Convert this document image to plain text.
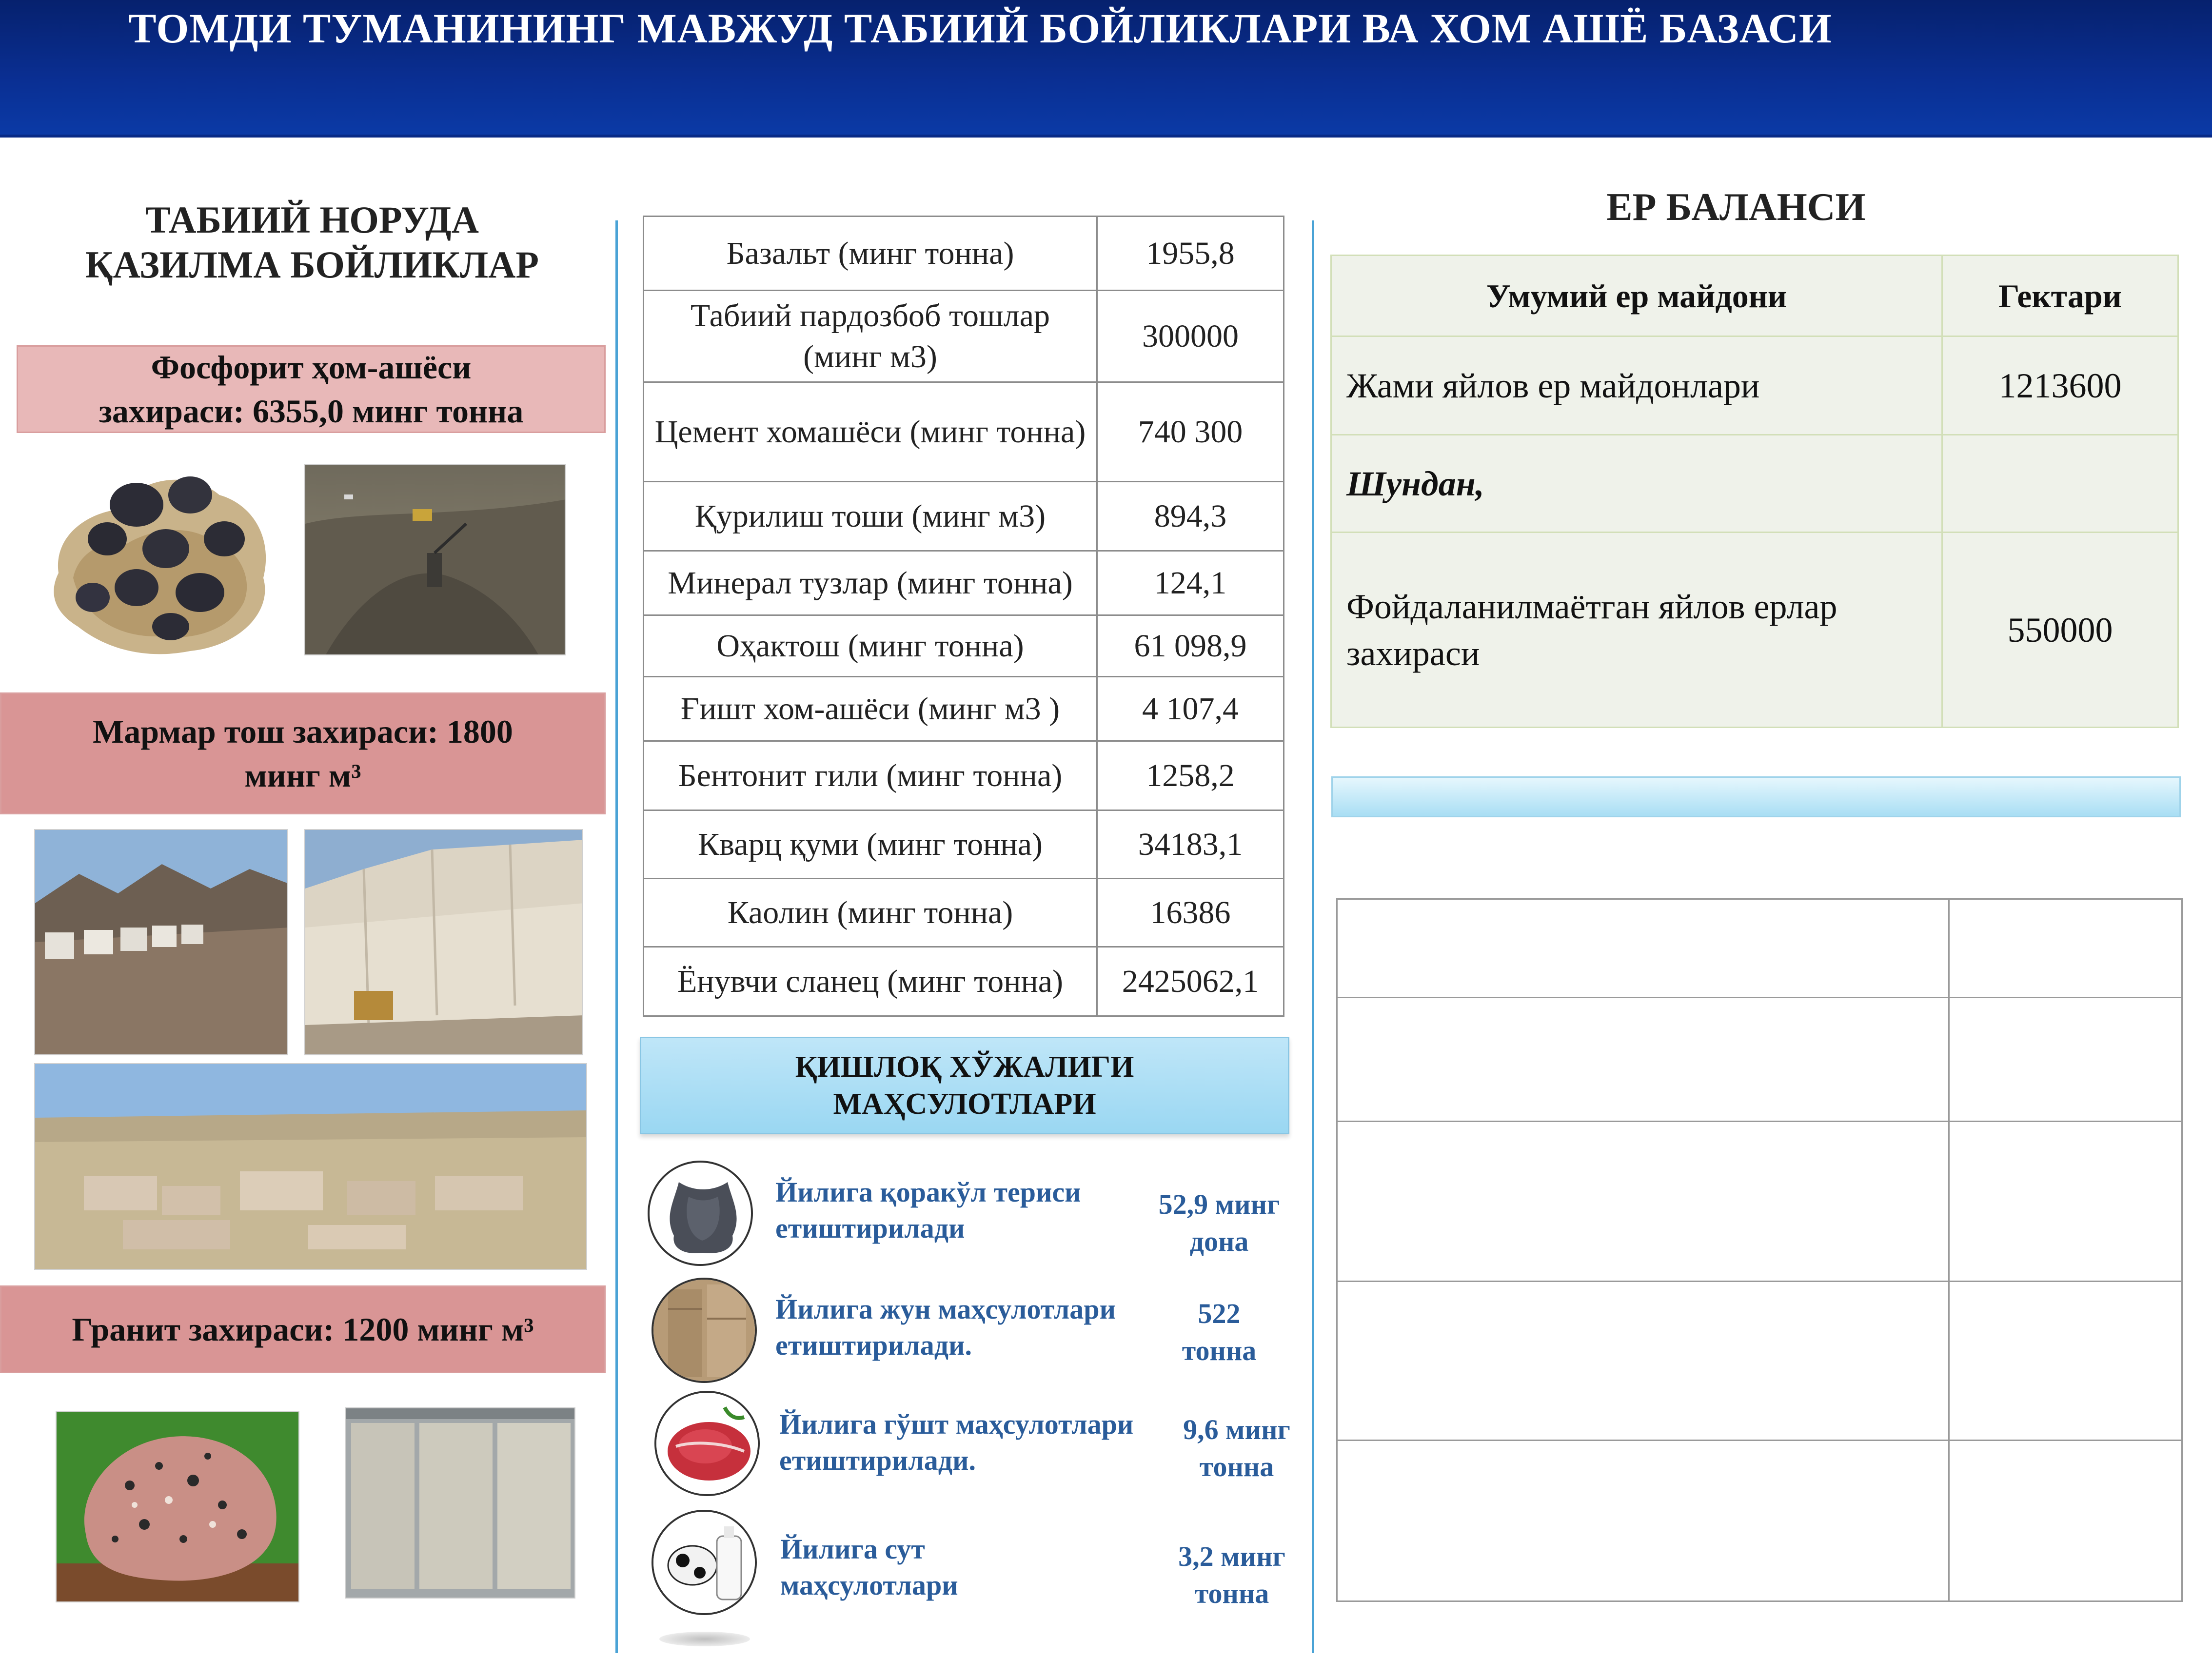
ТОМДИ ТУМАНИНИНГ МАВЖУД ТАБИИЙ БОЙЛИКЛАРИ ВА ХОМ АШЁ БАЗАСИ
ТАБИИЙ НОРУДА
ҚАЗИЛМА БОЙЛИКЛАР
Фосфорит ҳом-ашёси
захираси: 6355,0 минг тонна
Мармар тош захираси: 1800
минг м³
Гранит захираси: 1200 минг м³
Базальт (минг тонна)	1955,8
Табиий пардозбоб тошлар (минг м3)	300000
Цемент хомашёси (минг тонна)	740 300
Қурилиш тоши (минг м3)	894,3
Минерал тузлар (минг тонна)	124,1
Оҳактош (минг тонна)	61 098,9
Ғишт хом-ашёси (минг м3 )	4 107,4
Бентонит гили (минг тонна)	1258,2
Кварц қуми (минг тонна)	34183,1
Каолин (минг тонна)	16386
Ёнувчи сланец (минг тонна)	2425062,1
ҚИШЛОҚ ХЎЖАЛИГИ
МАҲСУЛОТЛАРИ
Йилига қоракўл териси
етиштирилади
52,9 минг
дона
Йилига жун маҳсулотлари
етиштирилади.
522
тонна
Йилига гўшт маҳсулотлари
етиштирилади.
9,6 минг
тонна
Йилига сут
маҳсулотлари
3,2 минг
тонна
ЕР БАЛАНСИ
Умумий ер майдони	Гектари
Жами яйлов ер майдонлари	1213600
Шундан,	

Фойдаланилмаётган яйлов ерлар
захираси	550000
